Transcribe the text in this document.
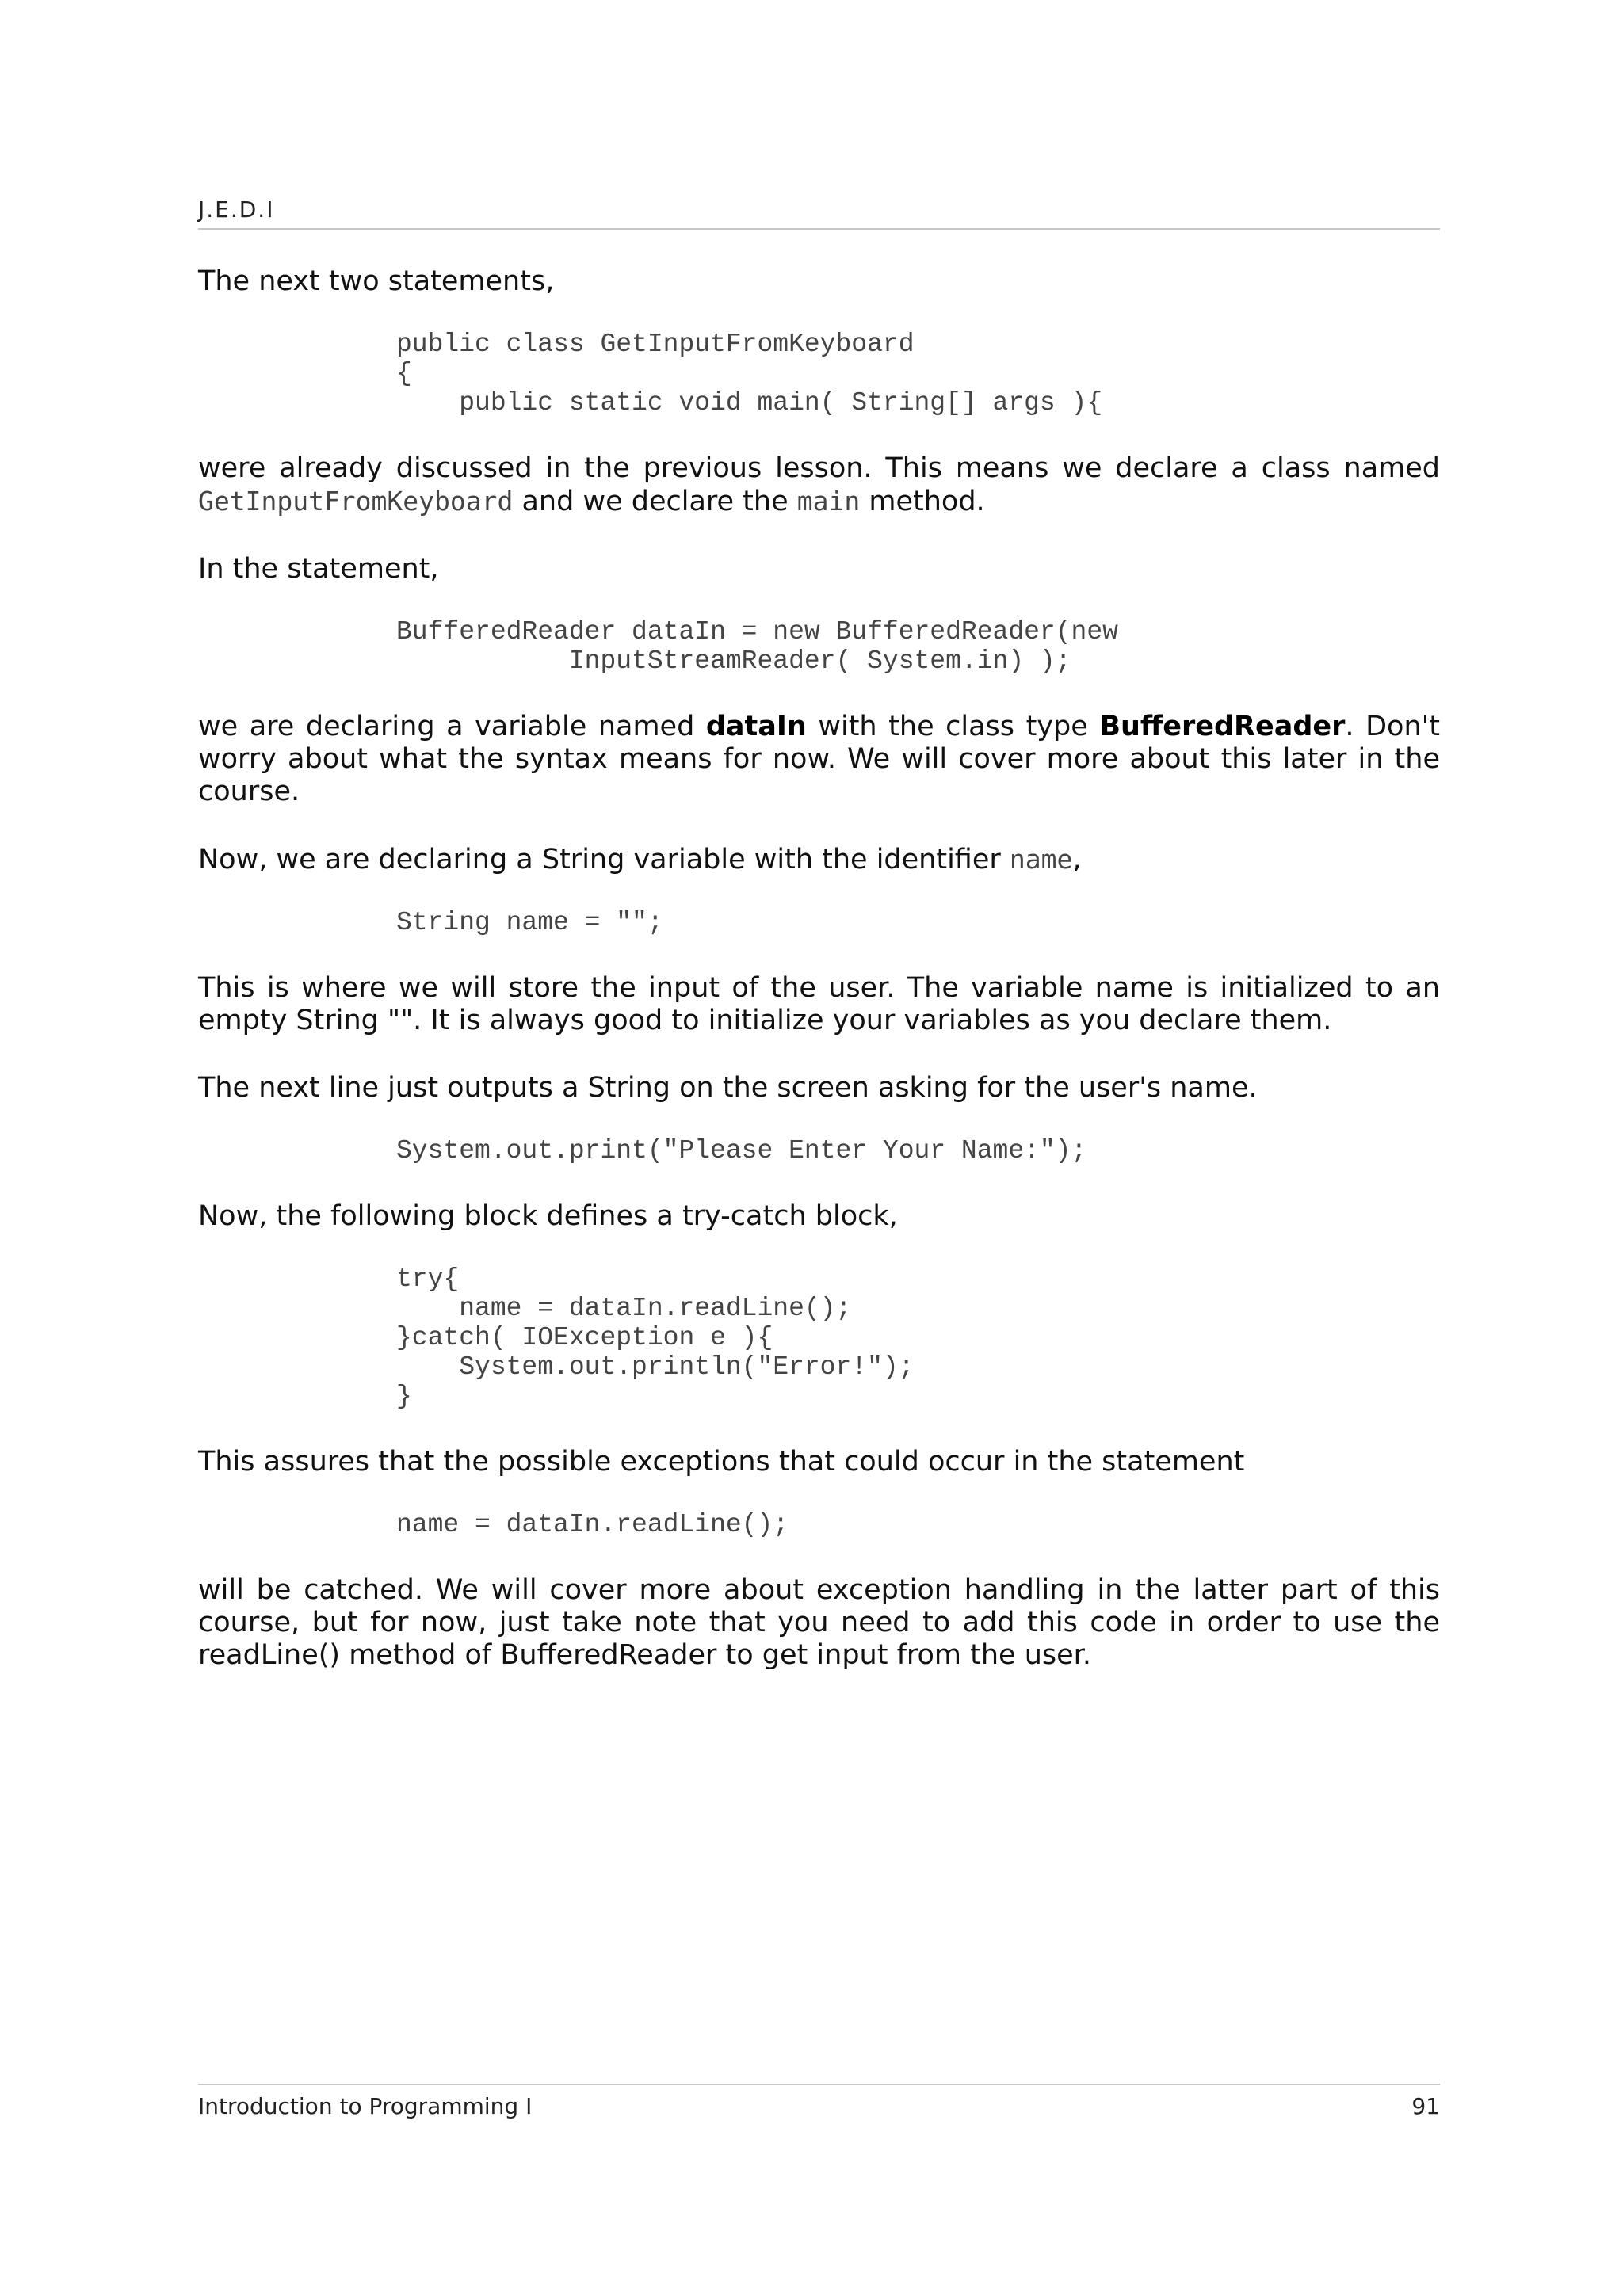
J.E.D.I

The next two statements,

public class GetInputFromKeyboard
{
public static void main( String[] args ){

were already discussed in the previous lesson. This means we declare a class named GetInputFromKeyboard and we declare the main method.

In the statement,

BufferedReader dataIn = new BufferedReader(new
InputStreamReader( System.in) );

we are declaring a variable named dataIn with the class type BufferedReader. Don't worry about what the syntax means for now. We will cover more about this later in the course.

Now, we are declaring a String variable with the identifier name,

String name = "";

This is where we will store the input of the user. The variable name is initialized to an empty String "". It is always good to initialize your variables as you declare them.

The next line just outputs a String on the screen asking for the user's name.

System.out.print("Please Enter Your Name:");

Now, the following block defines a try-catch block,

try{
name = dataIn.readLine();
}catch( IOException e ){
System.out.println("Error!");
}

This assures that the possible exceptions that could occur in the statement

name = dataIn.readLine();

will be catched. We will cover more about exception handling in the latter part of this course, but for now, just take note that you need to add this code in order to use the readLine() method of BufferedReader to get input from the user.

Introduction to Programming I	91
